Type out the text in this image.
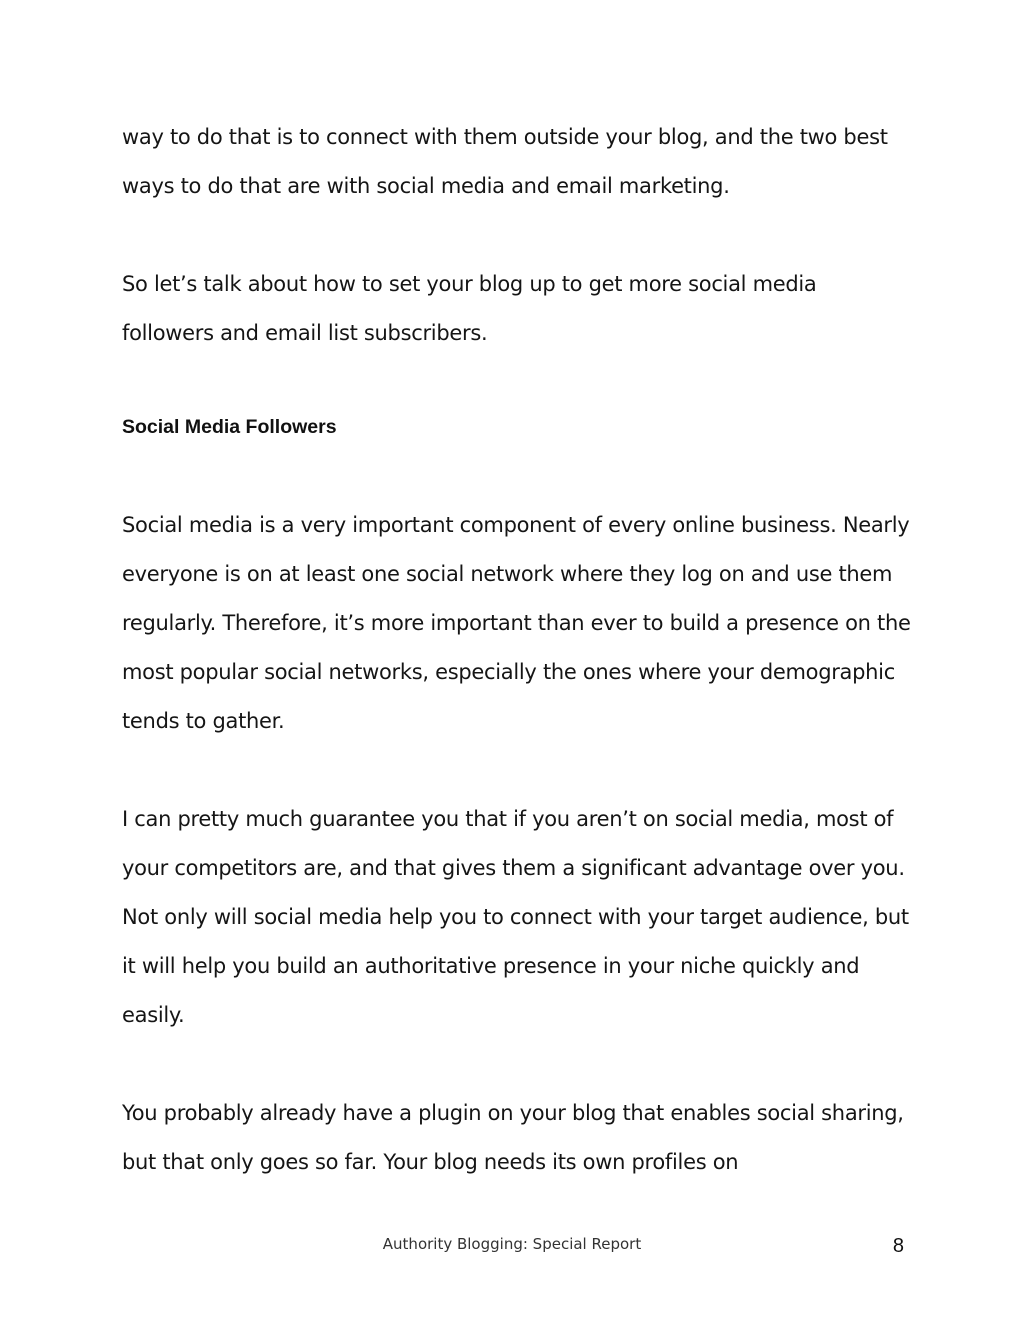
way to do that is to connect with them outside your blog, and the two best ways to do that are with social media and email marketing.

So let’s talk about how to set your blog up to get more social media followers and email list subscribers.

Social Media Followers

Social media is a very important component of every online business. Nearly everyone is on at least one social network where they log on and use them regularly. Therefore, it’s more important than ever to build a presence on the most popular social networks, especially the ones where your demographic tends to gather.

I can pretty much guarantee you that if you aren’t on social media, most of your competitors are, and that gives them a significant advantage over you. Not only will social media help you to connect with your target audience, but it will help you build an authoritative presence in your niche quickly and easily.

You probably already have a plugin on your blog that enables social sharing, but that only goes so far. Your blog needs its own profiles on

Authority Blogging: Special Report	8
